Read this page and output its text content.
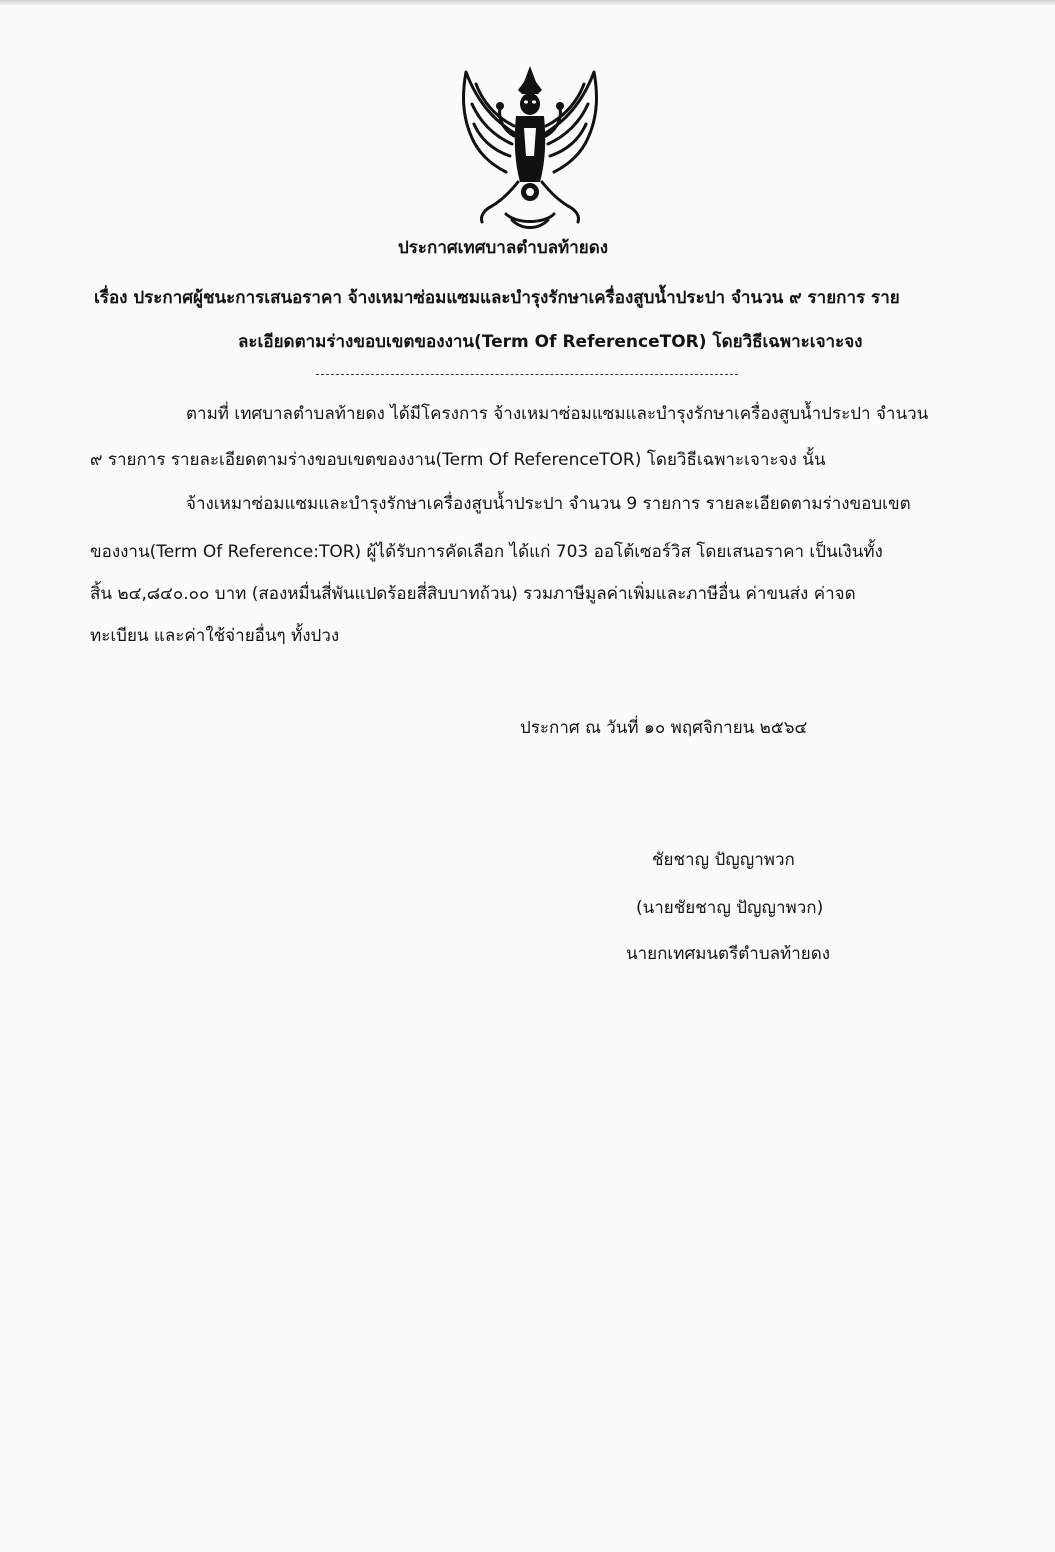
ประกาศเทศบาลตำบลท้ายดง
เรื่อง ประกาศผู้ชนะการเสนอราคา จ้างเหมาซ่อมแซมและบำรุงรักษาเครื่องสูบน้ำประปา จำนวน ๙ รายการ ราย
ละเอียดตามร่างขอบเขตของงาน(Term Of ReferenceTOR) โดยวิธีเฉพาะเจาะจง
ตามที่ เทศบาลตำบลท้ายดง ได้มีโครงการ จ้างเหมาซ่อมแซมและบำรุงรักษาเครื่องสูบน้ำประปา จำนวน
๙ รายการ รายละเอียดตามร่างขอบเขตของงาน(Term Of ReferenceTOR) โดยวิธีเฉพาะเจาะจง นั้น
จ้างเหมาซ่อมแซมและบำรุงรักษาเครื่องสูบน้ำประปา จำนวน 9 รายการ รายละเอียดตามร่างขอบเขต
ของงาน(Term Of Reference:TOR) ผู้ได้รับการคัดเลือก ได้แก่ 703 ออโต้เซอร์วิส โดยเสนอราคา เป็นเงินทั้ง
สิ้น ๒๔,๘๔๐.๐๐ บาท (สองหมื่นสี่พันแปดร้อยสี่สิบบาทถ้วน) รวมภาษีมูลค่าเพิ่มและภาษีอื่น ค่าขนส่ง ค่าจด
ทะเบียน และค่าใช้จ่ายอื่นๆ ทั้งปวง
ประกาศ ณ วันที่ ๑๐ พฤศจิกายน ๒๕๖๔
ชัยชาญ ปัญญาพวก
(นายชัยชาญ ปัญญาพวก)
นายกเทศมนตรีตำบลท้ายดง
